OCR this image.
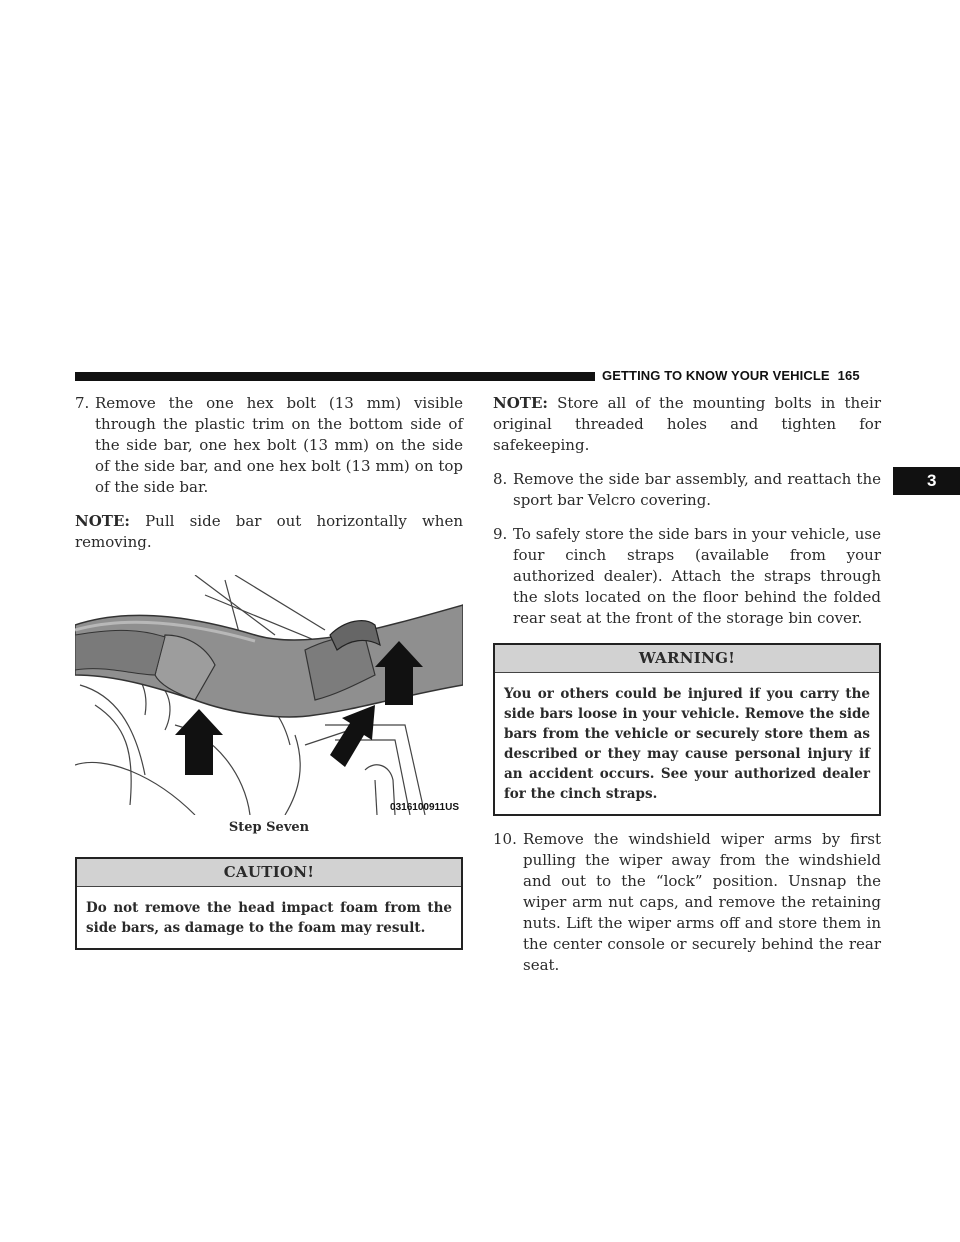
GETTING TO KNOW YOUR VEHICLE 165
3

7. Remove the one hex bolt (13 mm) visible through the plastic trim on the bottom side of the side bar, one hex bolt (13 mm) on the side of the side bar, and one hex bolt (13 mm) on top of the side bar.

NOTE: Pull side bar out horizontally when removing.

0316100911US
Step Seven
CAUTION!
Do not remove the head impact foam from the side bars, as damage to the foam may result.

NOTE: Store all of the mounting bolts in their original threaded holes and tighten for safekeeping.

8. Remove the side bar assembly, and reattach the sport bar Velcro covering.

9. To safely store the side bars in your vehicle, use four cinch straps (available from your authorized dealer). Attach the straps through the slots located on the floor behind the folded rear seat at the front of the storage bin cover.

WARNING!
You or others could be injured if you carry the side bars loose in your vehicle. Remove the side bars from the vehicle or securely store them as described or they may cause personal injury if an accident occurs. See your authorized dealer for the cinch straps.

10. Remove the windshield wiper arms by first pulling the wiper away from the windshield and out to the “lock” position. Unsnap the wiper arm nut caps, and remove the retaining nuts. Lift the wiper arms off and store them in the center console or securely behind the rear seat.
